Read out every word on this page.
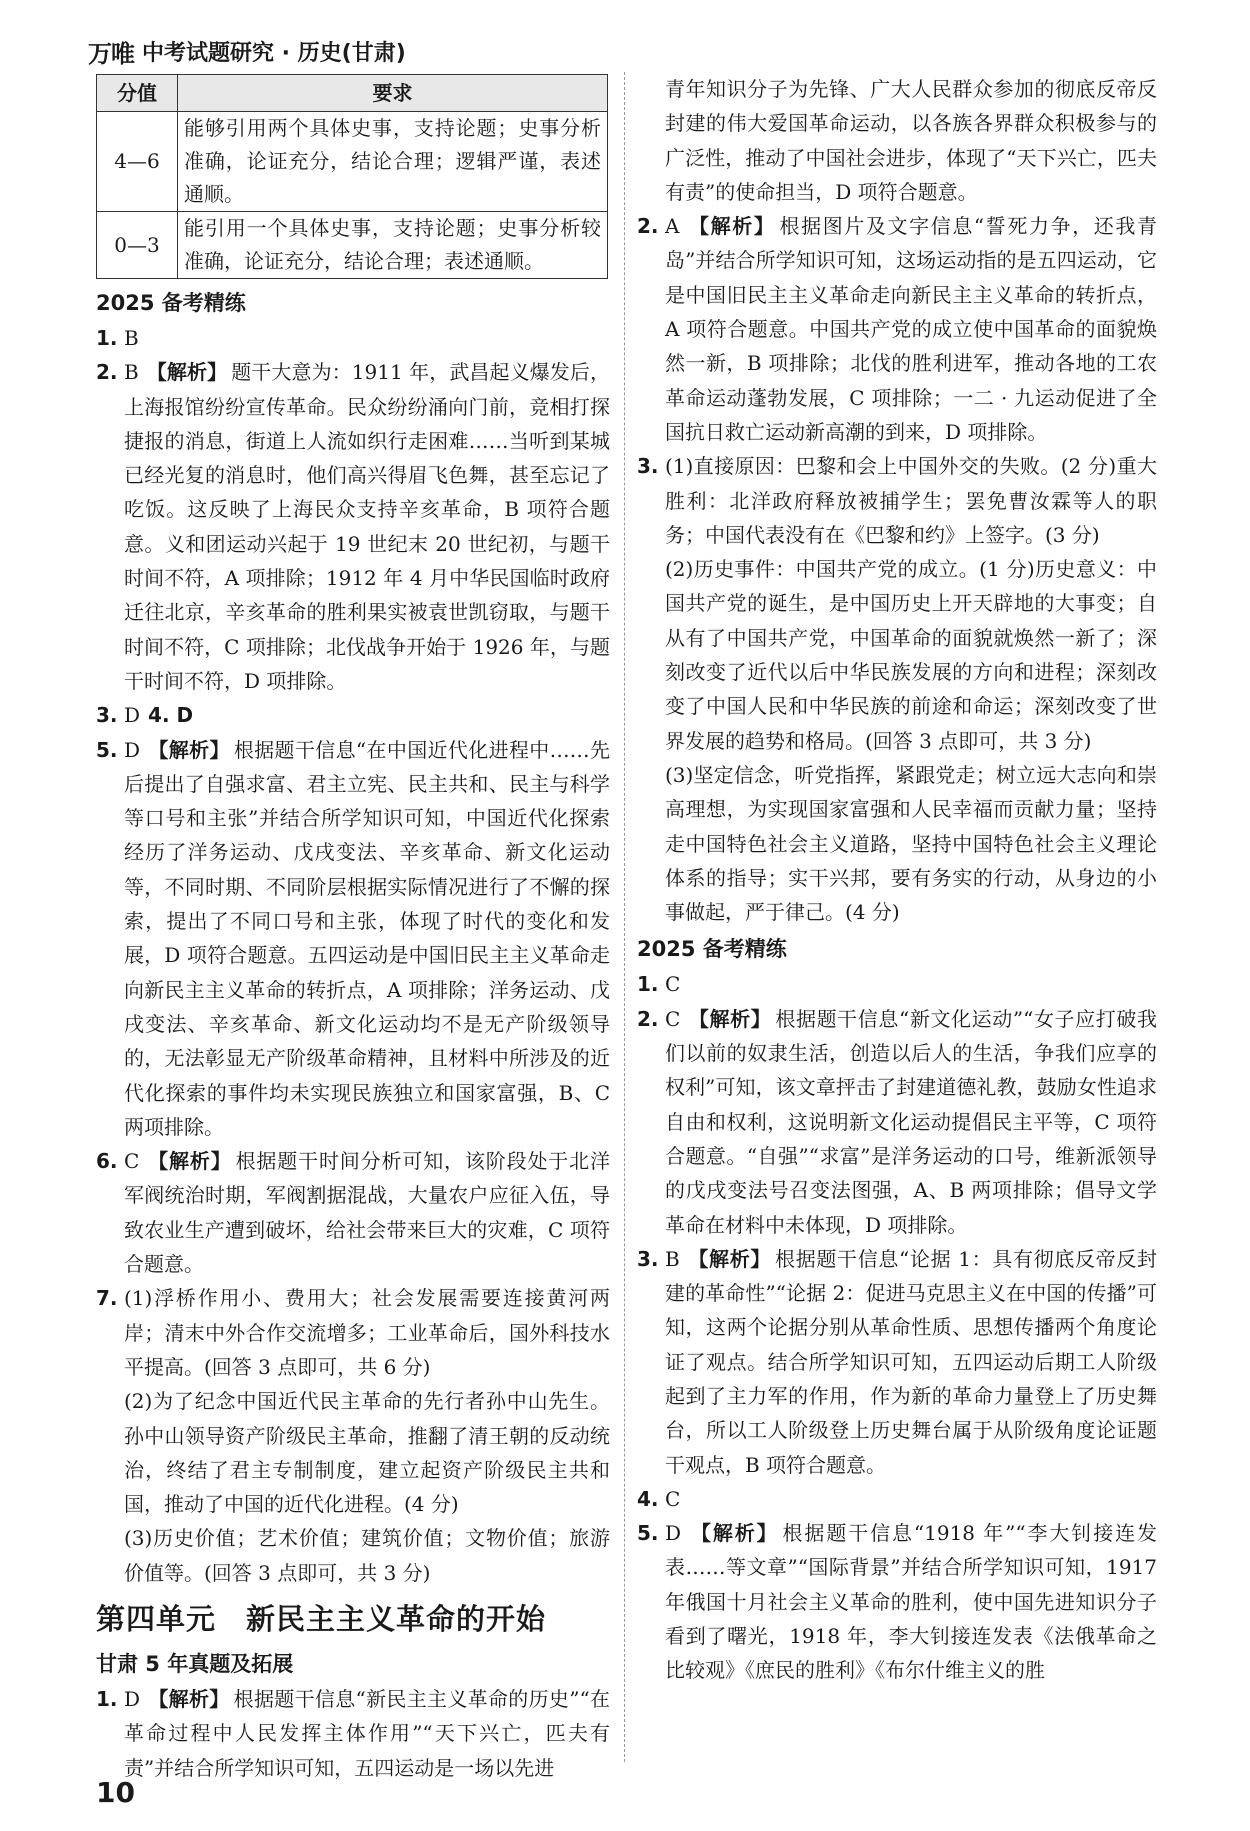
万唯 中考试题研究 · 历史(甘肃)
分值	要求
4—6	能够引用两个具体史事，支持论题；史事分析准确，论证充分，结论合理；逻辑严谨，表述通顺。
0—3	能引用一个具体史事，支持论题；史事分析较准确，论证充分，结论合理；表述通顺。
2025 备考精练
1. B
2. B 【解析】 题干大意为：1911 年，武昌起义爆发后，上海报馆纷纷宣传革命。民众纷纷涌向门前，竞相打探捷报的消息，街道上人流如织行走困难……当听到某城已经光复的消息时，他们高兴得眉飞色舞，甚至忘记了吃饭。这反映了上海民众支持辛亥革命，B 项符合题意。义和团运动兴起于 19 世纪末 20 世纪初，与题干时间不符，A 项排除；1912 年 4 月中华民国临时政府迁往北京，辛亥革命的胜利果实被袁世凯窃取，与题干时间不符，C 项排除；北伐战争开始于 1926 年，与题干时间不符，D 项排除。
3. D 4. D
5. D 【解析】 根据题干信息“在中国近代化进程中……先后提出了自强求富、君主立宪、民主共和、民主与科学等口号和主张”并结合所学知识可知，中国近代化探索经历了洋务运动、戊戌变法、辛亥革命、新文化运动等，不同时期、不同阶层根据实际情况进行了不懈的探索，提出了不同口号和主张，体现了时代的变化和发展，D 项符合题意。五四运动是中国旧民主主义革命走向新民主主义革命的转折点，A 项排除；洋务运动、戊戌变法、辛亥革命、新文化运动均不是无产阶级领导的，无法彰显无产阶级革命精神，且材料中所涉及的近代化探索的事件均未实现民族独立和国家富强，B、C 两项排除。
6. C 【解析】 根据题干时间分析可知，该阶段处于北洋军阀统治时期，军阀割据混战，大量农户应征入伍，导致农业生产遭到破坏，给社会带来巨大的灾难，C 项符合题意。
7. (1)浮桥作用小、费用大；社会发展需要连接黄河两岸；清末中外合作交流增多；工业革命后，国外科技水平提高。(回答 3 点即可，共 6 分)
(2)为了纪念中国近代民主革命的先行者孙中山先生。孙中山领导资产阶级民主革命，推翻了清王朝的反动统治，终结了君主专制制度，建立起资产阶级民主共和国，推动了中国的近代化进程。(4 分)
(3)历史价值；艺术价值；建筑价值；文物价值；旅游价值等。(回答 3 点即可，共 3 分)
第四单元 新民主主义革命的开始
甘肃 5 年真题及拓展
1. D 【解析】 根据题干信息“新民主主义革命的历史”“在革命过程中人民发挥主体作用”“天下兴亡，匹夫有责”并结合所学知识可知，五四运动是一场以先进
青年知识分子为先锋、广大人民群众参加的彻底反帝反封建的伟大爱国革命运动，以各族各界群众积极参与的广泛性，推动了中国社会进步，体现了“天下兴亡，匹夫有责”的使命担当，D 项符合题意。
2. A 【解析】 根据图片及文字信息“誓死力争，还我青岛”并结合所学知识可知，这场运动指的是五四运动，它是中国旧民主主义革命走向新民主主义革命的转折点，A 项符合题意。中国共产党的成立使中国革命的面貌焕然一新，B 项排除；北伐的胜利进军，推动各地的工农革命运动蓬勃发展，C 项排除；一二 · 九运动促进了全国抗日救亡运动新高潮的到来，D 项排除。
3. (1)直接原因：巴黎和会上中国外交的失败。(2 分)重大胜利：北洋政府释放被捕学生；罢免曹汝霖等人的职务；中国代表没有在《巴黎和约》上签字。(3 分)
(2)历史事件：中国共产党的成立。(1 分)历史意义：中国共产党的诞生，是中国历史上开天辟地的大事变；自从有了中国共产党，中国革命的面貌就焕然一新了；深刻改变了近代以后中华民族发展的方向和进程；深刻改变了中国人民和中华民族的前途和命运；深刻改变了世界发展的趋势和格局。(回答 3 点即可，共 3 分)
(3)坚定信念，听党指挥，紧跟党走；树立远大志向和崇高理想，为实现国家富强和人民幸福而贡献力量；坚持走中国特色社会主义道路，坚持中国特色社会主义理论体系的指导；实干兴邦，要有务实的行动，从身边的小事做起，严于律己。(4 分)
2025 备考精练
1. C
2. C 【解析】 根据题干信息“新文化运动”“女子应打破我们以前的奴隶生活，创造以后人的生活，争我们应享的权利”可知，该文章抨击了封建道德礼教，鼓励女性追求自由和权利，这说明新文化运动提倡民主平等，C 项符合题意。“自强”“求富”是洋务运动的口号，维新派领导的戊戌变法号召变法图强，A、B 两项排除；倡导文学革命在材料中未体现，D 项排除。
3. B 【解析】 根据题干信息“论据 1：具有彻底反帝反封建的革命性”“论据 2：促进马克思主义在中国的传播”可知，这两个论据分别从革命性质、思想传播两个角度论证了观点。结合所学知识可知，五四运动后期工人阶级起到了主力军的作用，作为新的革命力量登上了历史舞台，所以工人阶级登上历史舞台属于从阶级角度论证题干观点，B 项符合题意。
4. C
5. D 【解析】 根据题干信息“1918 年”“李大钊接连发表……等文章”“国际背景”并结合所学知识可知，1917 年俄国十月社会主义革命的胜利，使中国先进知识分子看到了曙光，1918 年，李大钊接连发表《法俄革命之比较观》《庶民的胜利》《布尔什维主义的胜
10
